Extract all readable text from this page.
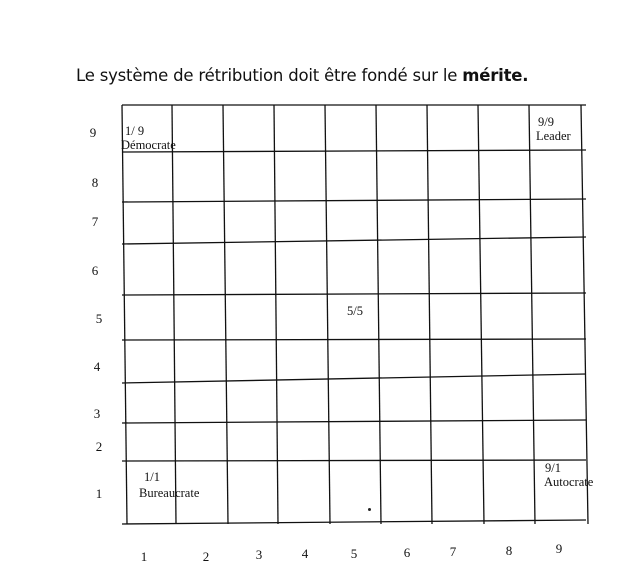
Le système de rétribution doit être fondé sur le mérite.
9
8
7
6
5
4
3
2
1
1	2	3	4	5	6	7	8	9
1/ 9
Démocrate
9/9
Leader
5/5
1/1
Bureaucrate
9/1
Autocrate
